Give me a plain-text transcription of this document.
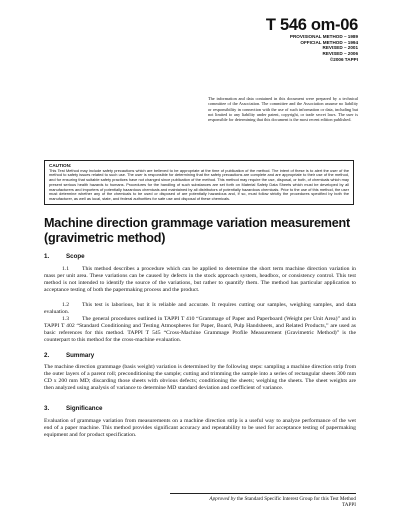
T 546 om-06
PROVISIONAL METHOD – 1989
OFFICIAL METHOD – 1994
REVISED – 2001
REVISED – 2006
©2006 TAPPI
The information and data contained in this document were prepared by a technical committee of the Association. The committee and the Association assume no liability or responsibility in connection with the use of such information or data, including but not limited to any liability under patent, copyright, or trade secret laws. The user is responsible for determining that this document is the most recent edition published.
CAUTION:
This Test Method may include safety precautions which are believed to be appropriate at the time of publication of the method. The intent of these is to alert the user of the method to safety issues related to such use. The user is responsible for determining that the safety precautions are complete and are appropriate to their use of the method, and for ensuring that suitable safety practices have not changed since publication of the method. This method may require the use, disposal, or both, of chemicals which may present serious health hazards to humans. Procedures for the handling of such substances are set forth on Material Safety Data Sheets which must be developed by all manufacturers and importers of potentially hazardous chemicals and maintained by all distributors of potentially hazardous chemicals. Prior to the use of this method, the user must determine whether any of the chemicals to be used or disposed of are potentially hazardous and, if so, must follow strictly the procedures specified by both the manufacturer, as well as local, state, and federal authorities for safe use and disposal of these chemicals.
Machine direction grammage variation measurement (gravimetric method)
1.	Scope
1.1 This method describes a procedure which can be applied to determine the short term machine direction variation in mass per unit area. These variations can be caused by defects in the stock approach system, headbox, or consistency control. This test method is not intended to identify the source of the variations, but rather to quantify them. The method has particular application to acceptance testing of both the papermaking process and the product.
1.2 This test is laborious, but it is reliable and accurate. It requires cutting our samples, weighing samples, and data evaluation.
1.3 The general procedures outlined in TAPPI T 410 “Grammage of Paper and Paperboard (Weight per Unit Area)” and in TAPPI T 402 “Standard Conditioning and Testing Atmospheres for Paper, Board, Pulp Handsheets, and Related Products,” are used as basic references for this method. TAPPI T 545 “Cross-Machine Grammage Profile Measurement (Gravimetric Method)” is the counterpart to this method for the cross-machine evaluation.
2.	Summary
The machine direction grammage (basis weight) variation is determined by the following steps: sampling a machine direction strip from the outer layers of a parent roll; preconditioning the sample; cutting and trimming the sample into a series of rectangular sheets 300 mm CD x 200 mm MD; discarding those sheets with obvious defects; conditioning the sheets; weighing the sheets. The sheet weights are then analyzed using analysis of variance to determine MD standard deviation and coefficient of variance.
3.	Significance
Evaluation of grammage variation from measurements on a machine direction strip is a useful way to analyze performance of the wet end of a paper machine. This method provides significant accuracy and repeatability to be used for acceptance testing of papermaking equipment and for product specification.
Approved by the Standard Specific Interest Group for this Test Method
TAPPI
